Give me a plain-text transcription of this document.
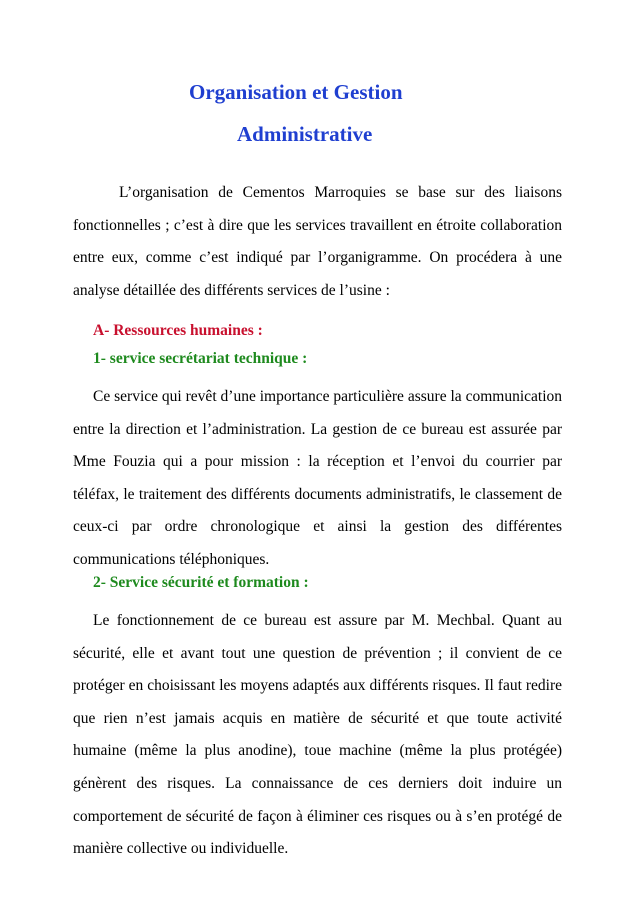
Organisation et Gestion
Administrative

L’organisation de Cementos Marroquies se base sur des liaisons fonctionnelles ; c’est à dire que les services travaillent en étroite collaboration entre eux, comme c’est indiqué par l’organigramme. On procédera à une analyse détaillée des différents services de l’usine :

A- Ressources humaines :
1- service secrétariat technique :

Ce service qui revêt d’une importance particulière assure la communication entre la direction et l’administration. La gestion de ce bureau est assurée par Mme Fouzia qui a pour mission : la réception et l’envoi du courrier par téléfax, le traitement des différents documents administratifs, le classement de ceux-ci par ordre chronologique et ainsi la gestion des différentes communications téléphoniques.

2- Service sécurité et formation :

Le fonctionnement de ce bureau est assure par M. Mechbal. Quant au sécurité, elle et avant tout une question de prévention ; il convient de ce protéger en choisissant les moyens adaptés aux différents risques. Il faut redire que rien n’est jamais acquis en matière de sécurité et que toute activité humaine (même la plus anodine), toue machine (même la plus protégée) génèrent des risques. La connaissance de ces derniers doit induire un comportement de sécurité de façon à éliminer ces risques ou à s’en protégé de manière collective ou individuelle.
